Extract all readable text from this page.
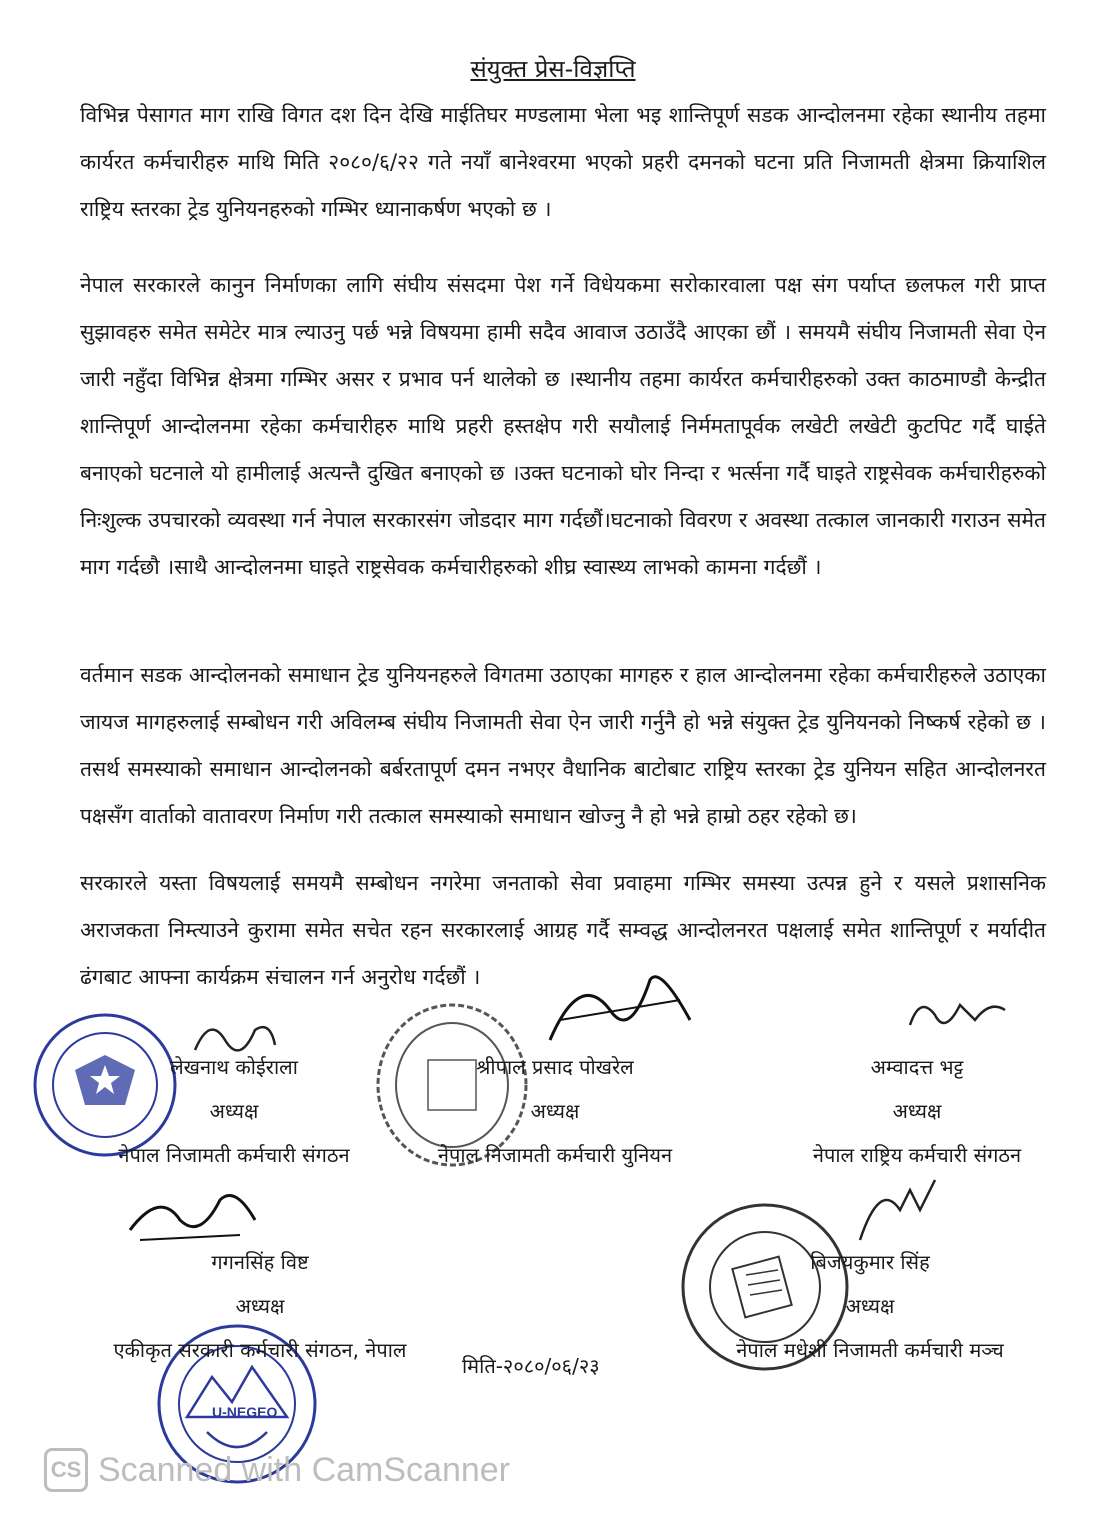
संयुक्त प्रेस-विज्ञप्ति

विभिन्न पेसागत माग राखि विगत दश दिन देखि माईतिघर मण्डलामा भेला भइ शान्तिपूर्ण सडक आन्दोलनमा रहेका स्थानीय तहमा कार्यरत कर्मचारीहरु माथि मिति २०८०/६/२२ गते नयाँ बानेश्वरमा भएको प्रहरी दमनको घटना प्रति निजामती क्षेत्रमा क्रियाशिल राष्ट्रिय स्तरका ट्रेड युनियनहरुको गम्भिर ध्यानाकर्षण भएको छ ।

नेपाल सरकारले कानुन निर्माणका लागि संघीय संसदमा पेश गर्ने विधेयकमा सरोकारवाला पक्ष संग पर्याप्त छलफल गरी प्राप्त सुझावहरु समेत समेटेर मात्र ल्याउनु पर्छ भन्ने विषयमा हामी सदैव आवाज उठाउँदै आएका छौं । समयमै संघीय निजामती सेवा ऐन जारी नहुँदा विभिन्न क्षेत्रमा गम्भिर असर र प्रभाव पर्न थालेको छ ।स्थानीय तहमा कार्यरत कर्मचारीहरुको उक्त काठमाण्डौ केन्द्रीत शान्तिपूर्ण आन्दोलनमा रहेका कर्मचारीहरु माथि प्रहरी हस्तक्षेप गरी सयौलाई निर्ममतापूर्वक लखेटी लखेटी कुटपिट गर्दै घाईते बनाएको घटनाले यो हामीलाई अत्यन्तै दुखित बनाएको छ ।उक्त घटनाको घोर निन्दा र भर्त्सना गर्दै घाइते राष्ट्रसेवक कर्मचारीहरुको निःशुल्क उपचारको व्यवस्था गर्न नेपाल सरकारसंग जोडदार माग गर्दछौं।घटनाको विवरण र अवस्था तत्काल जानकारी गराउन समेत माग गर्दछौ ।साथै आन्दोलनमा घाइते राष्ट्रसेवक कर्मचारीहरुको शीघ्र स्वास्थ्य लाभको कामना गर्दछौं ।

वर्तमान सडक आन्दोलनको समाधान ट्रेड युनियनहरुले विगतमा उठाएका मागहरु र हाल आन्दोलनमा रहेका कर्मचारीहरुले उठाएका जायज मागहरुलाई सम्बोधन गरी अविलम्ब संघीय निजामती सेवा ऐन जारी गर्नुनै हो भन्ने संयुक्त ट्रेड युनियनको निष्कर्ष रहेको छ । तसर्थ समस्याको समाधान आन्दोलनको बर्बरतापूर्ण दमन नभएर वैधानिक बाटोबाट राष्ट्रिय स्तरका ट्रेड युनियन सहित आन्दोलनरत पक्षसँग वार्ताको वातावरण निर्माण गरी तत्काल समस्याको समाधान खोज्नु नै हो भन्ने हाम्रो ठहर रहेको छ।

सरकारले यस्ता विषयलाई समयमै सम्बोधन नगरेमा जनताको सेवा प्रवाहमा गम्भिर समस्या उत्पन्न हुने र यसले प्रशासनिक अराजकता निम्त्याउने कुरामा समेत सचेत रहन सरकारलाई आग्रह गर्दै सम्वद्ध आन्दोलनरत पक्षलाई समेत शान्तिपूर्ण र मर्यादीत ढंगबाट आफ्ना कार्यक्रम संचालन गर्न अनुरोध गर्दछौं ।

U-NEGEO
लेखनाथ कोईराला
अध्यक्ष
नेपाल निजामती कर्मचारी संगठन
श्रीपाल प्रसाद पोखरेल
अध्यक्ष
नेपाल निजामती कर्मचारी युनियन
अम्वादत्त भट्ट
अध्यक्ष
नेपाल राष्ट्रिय कर्मचारी संगठन
गगनसिंह विष्ट
अध्यक्ष
एकीकृत सरकारी कर्मचारी संगठन, नेपाल
बिजयकुमार सिंह
अध्यक्ष
नेपाल मधेशी निजामती कर्मचारी मञ्च
मिति-२०८०/०६/२३
CS Scanned with CamScanner
